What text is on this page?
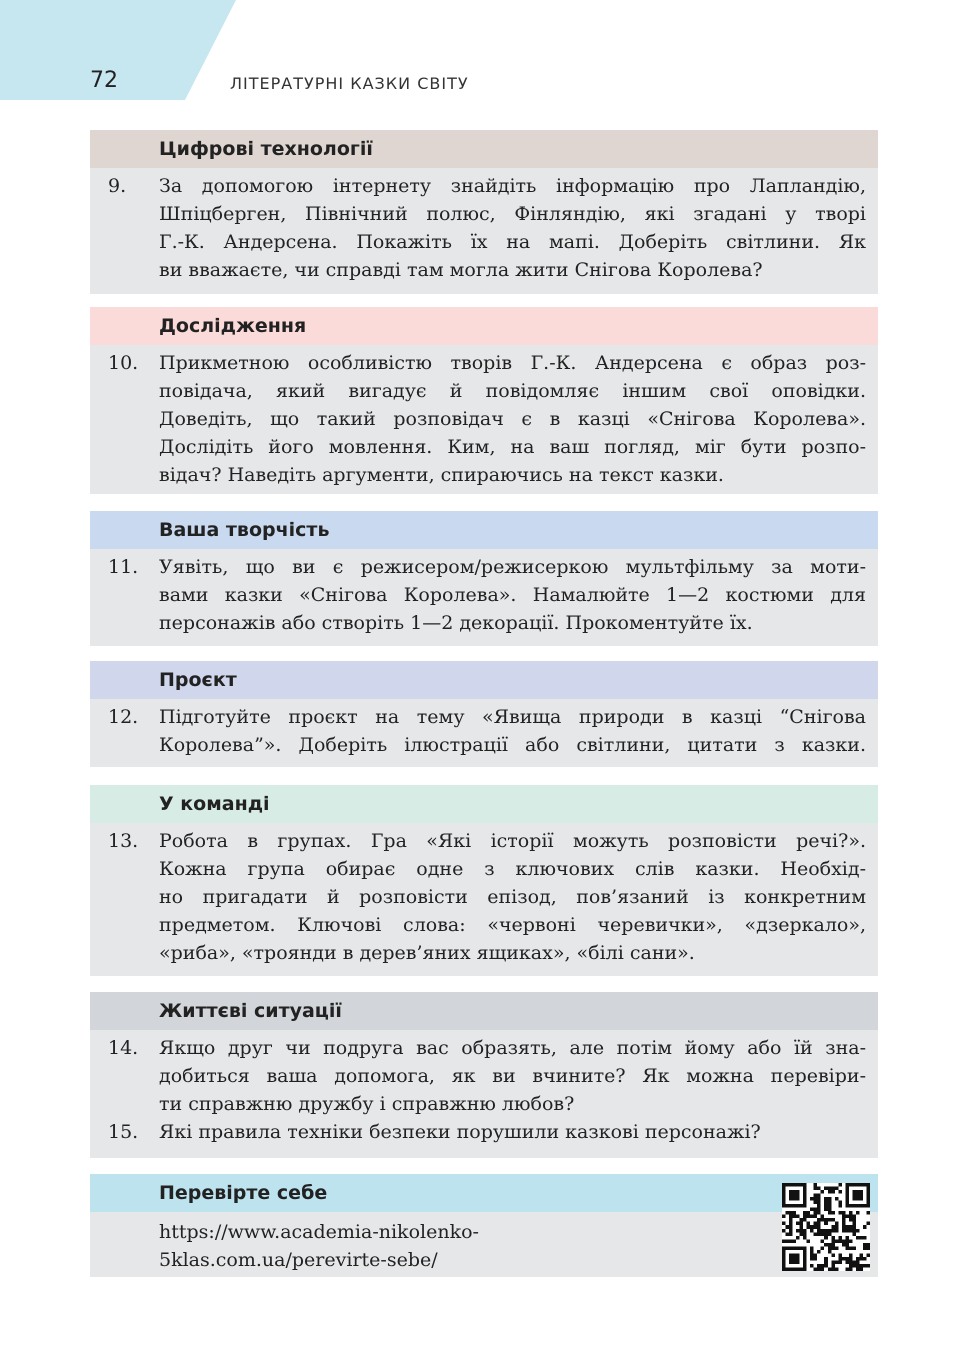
72	ЛІТЕРАТУРНІ КАЗКИ СВІТУ
Цифрові технології
9.	За допомогою інтернету знайдіть інформацію про Лапландію,
Шпіцберген, Північний полюс, Фінляндію, які згадані у творі
Г.-К. Андерсена. Покажіть їх на мапі. Доберіть світлини. Як
ви вважаєте, чи справді там могла жити Снігова Королева?
Дослідження
10.	Прикметною особливістю творів Г.-К. Андерсена є образ роз-
повідача, який вигадує й повідомляє іншим свої оповідки.
Доведіть, що такий розповідач є в казці «Снігова Королева».
Дослідіть його мовлення. Ким, на ваш погляд, міг бути розпо-
відач? Наведіть аргументи, спираючись на текст казки.
Ваша творчість
11.	Уявіть, що ви є режисером/режисеркою мультфільму за моти-
вами казки «Снігова Королева». Намалюйте 1—2 костюми для
персонажів або створіть 1—2 декорації. Прокоментуйте їх.
Проєкт
12.	Підготуйте проєкт на тему «Явища природи в казці “Снігова
Королева”». Доберіть ілюстрації або світлини, цитати з казки.
У команді
13.	Робота в групах. Гра «Які історії можуть розповісти речі?».
Кожна група обирає одне з ключових слів казки. Необхід-
но пригадати й розповісти епізод, пов’язаний із конкретним
предметом. Ключові слова: «червоні черевички», «дзеркало»,
«риба», «троянди в дерев’яних ящиках», «білі сани».
Життєві ситуації
14.	Якщо друг чи подруга вас образять, але потім йому або їй зна-
добиться ваша допомога, як ви вчините? Як можна перевіри-
ти справжню дружбу і справжню любов?
15.	Які правила техніки безпеки порушили казкові персонажі?
Перевірте себе
https://www.academia-nikolenko-
5klas.com.ua/perevirte-sebe/
